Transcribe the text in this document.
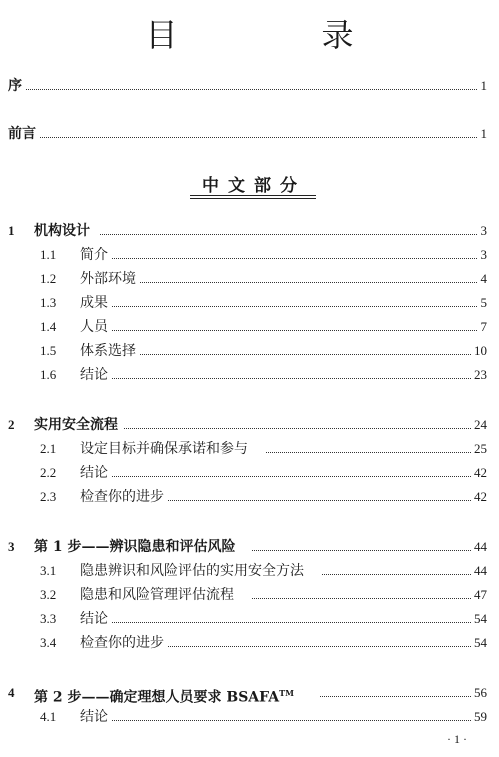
目　录
序	1
前言	1
中文部分
1 机构设计	3
1.1 简介	3
1.2 外部环境	4
1.3 成果	5
1.4 人员	7
1.5 体系选择	10
1.6 结论	23
2 实用安全流程	24
2.1 设定目标并确保承诺和参与	25
2.2 结论	42
2.3 检查你的进步	42
3 第 1 步——辨识隐患和评估风险	44
3.1 隐患辨识和风险评估的实用安全方法	44
3.2 隐患和风险管理评估流程	47
3.3 结论	54
3.4 检查你的进步	54
4 第 2 步——确定理想人员要求 BSAFA™	56
4.1 结论	59
· 1 ·
